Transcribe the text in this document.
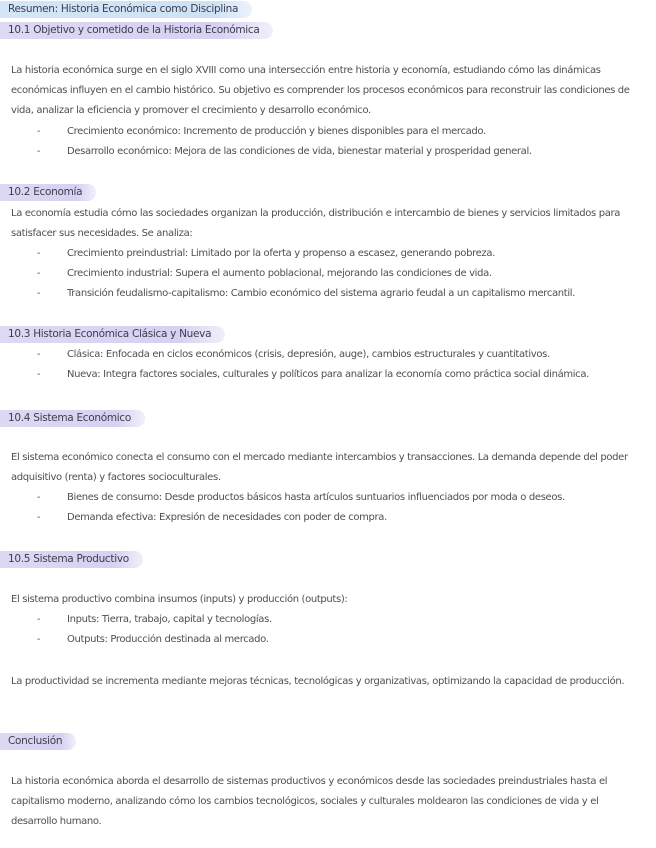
Resumen: Historia Económica como Disciplina
10.1 Objetivo y cometido de la Historia Económica

La historia económica surge en el siglo XVIII como una intersección entre historia y economía, estudiando cómo las dinámicas económicas influyen en el cambio histórico. Su objetivo es comprender los procesos económicos para reconstruir las condiciones de vida, analizar la eficiencia y promover el crecimiento y desarrollo económico.

- Crecimiento económico: Incremento de producción y bienes disponibles para el mercado.
- Desarrollo económico: Mejora de las condiciones de vida, bienestar material y prosperidad general.
10.2 Economía

La economía estudia cómo las sociedades organizan la producción, distribución e intercambio de bienes y servicios limitados para satisfacer sus necesidades. Se analiza:

- Crecimiento preindustrial: Limitado por la oferta y propenso a escasez, generando pobreza.
- Crecimiento industrial: Supera el aumento poblacional, mejorando las condiciones de vida.
- Transición feudalismo-capitalismo: Cambio económico del sistema agrario feudal a un capitalismo mercantil.
10.3 Historia Económica Clásica y Nueva
- Clásica: Enfocada en ciclos económicos (crisis, depresión, auge), cambios estructurales y cuantitativos.
- Nueva: Integra factores sociales, culturales y políticos para analizar la economía como práctica social dinámica.
10.4 Sistema Económico

El sistema económico conecta el consumo con el mercado mediante intercambios y transacciones. La demanda depende del poder adquisitivo (renta) y factores socioculturales.

- Bienes de consumo: Desde productos básicos hasta artículos suntuarios influenciados por moda o deseos.
- Demanda efectiva: Expresión de necesidades con poder de compra.
10.5 Sistema Productivo

El sistema productivo combina insumos (inputs) y producción (outputs):

- Inputs: Tierra, trabajo, capital y tecnologías.
- Outputs: Producción destinada al mercado.

La productividad se incrementa mediante mejoras técnicas, tecnológicas y organizativas, optimizando la capacidad de producción.

Conclusión

La historia económica aborda el desarrollo de sistemas productivos y económicos desde las sociedades preindustriales hasta el capitalismo moderno, analizando cómo los cambios tecnológicos, sociales y culturales moldearon las condiciones de vida y el desarrollo humano.
